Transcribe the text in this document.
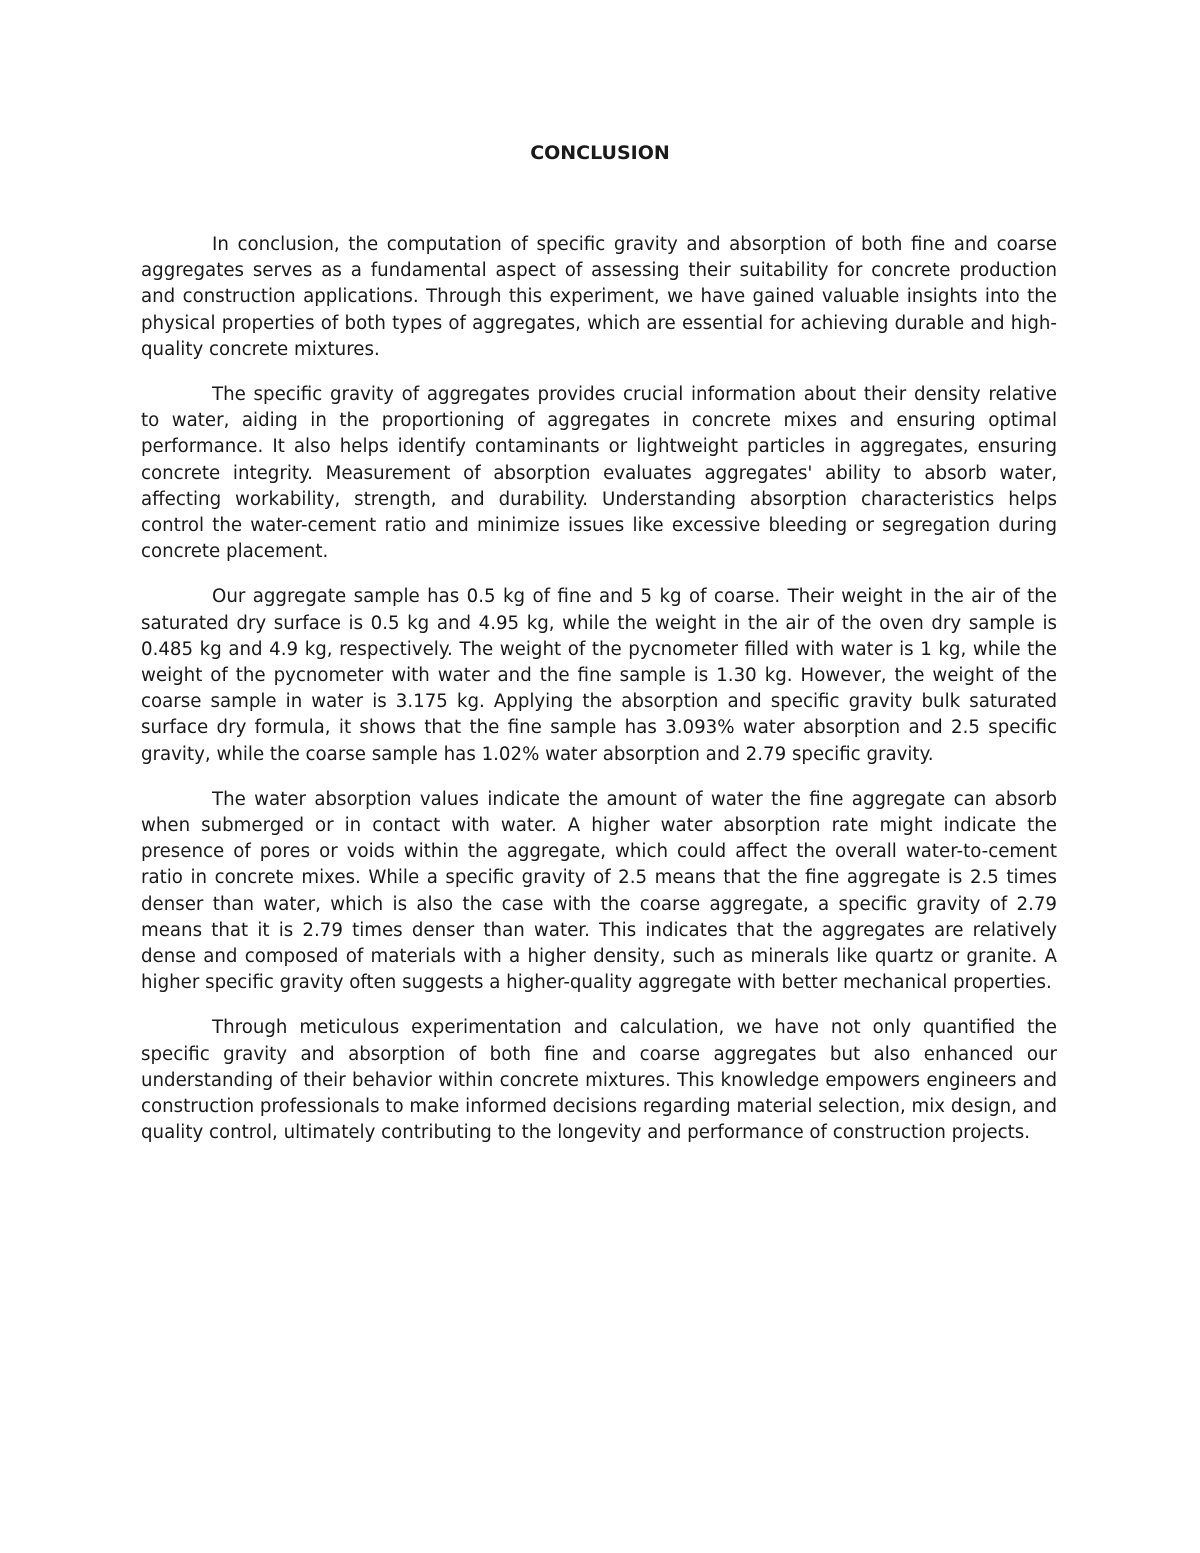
CONCLUSION

In conclusion, the computation of specific gravity and absorption of both fine and coarse aggregates serves as a fundamental aspect of assessing their suitability for concrete production and construction applications. Through this experiment, we have gained valuable insights into the physical properties of both types of aggregates, which are essential for achieving durable and high-quality concrete mixtures.

The specific gravity of aggregates provides crucial information about their density relative to water, aiding in the proportioning of aggregates in concrete mixes and ensuring optimal performance. It also helps identify contaminants or lightweight particles in aggregates, ensuring concrete integrity. Measurement of absorption evaluates aggregates' ability to absorb water, affecting workability, strength, and durability. Understanding absorption characteristics helps control the water-cement ratio and minimize issues like excessive bleeding or segregation during concrete placement.

Our aggregate sample has 0.5 kg of fine and 5 kg of coarse. Their weight in the air of the saturated dry surface is 0.5 kg and 4.95 kg, while the weight in the air of the oven dry sample is 0.485 kg and 4.9 kg, respectively. The weight of the pycnometer filled with water is 1 kg, while the weight of the pycnometer with water and the fine sample is 1.30 kg. However, the weight of the coarse sample in water is 3.175 kg. Applying the absorption and specific gravity bulk saturated surface dry formula, it shows that the fine sample has 3.093% water absorption and 2.5 specific gravity, while the coarse sample has 1.02% water absorption and 2.79 specific gravity.

The water absorption values indicate the amount of water the fine aggregate can absorb when submerged or in contact with water. A higher water absorption rate might indicate the presence of pores or voids within the aggregate, which could affect the overall water-to-cement ratio in concrete mixes. While a specific gravity of 2.5 means that the fine aggregate is 2.5 times denser than water, which is also the case with the coarse aggregate, a specific gravity of 2.79 means that it is 2.79 times denser than water. This indicates that the aggregates are relatively dense and composed of materials with a higher density, such as minerals like quartz or granite. A higher specific gravity often suggests a higher-quality aggregate with better mechanical properties.

Through meticulous experimentation and calculation, we have not only quantified the specific gravity and absorption of both fine and coarse aggregates but also enhanced our understanding of their behavior within concrete mixtures. This knowledge empowers engineers and construction professionals to make informed decisions regarding material selection, mix design, and quality control, ultimately contributing to the longevity and performance of construction projects.
